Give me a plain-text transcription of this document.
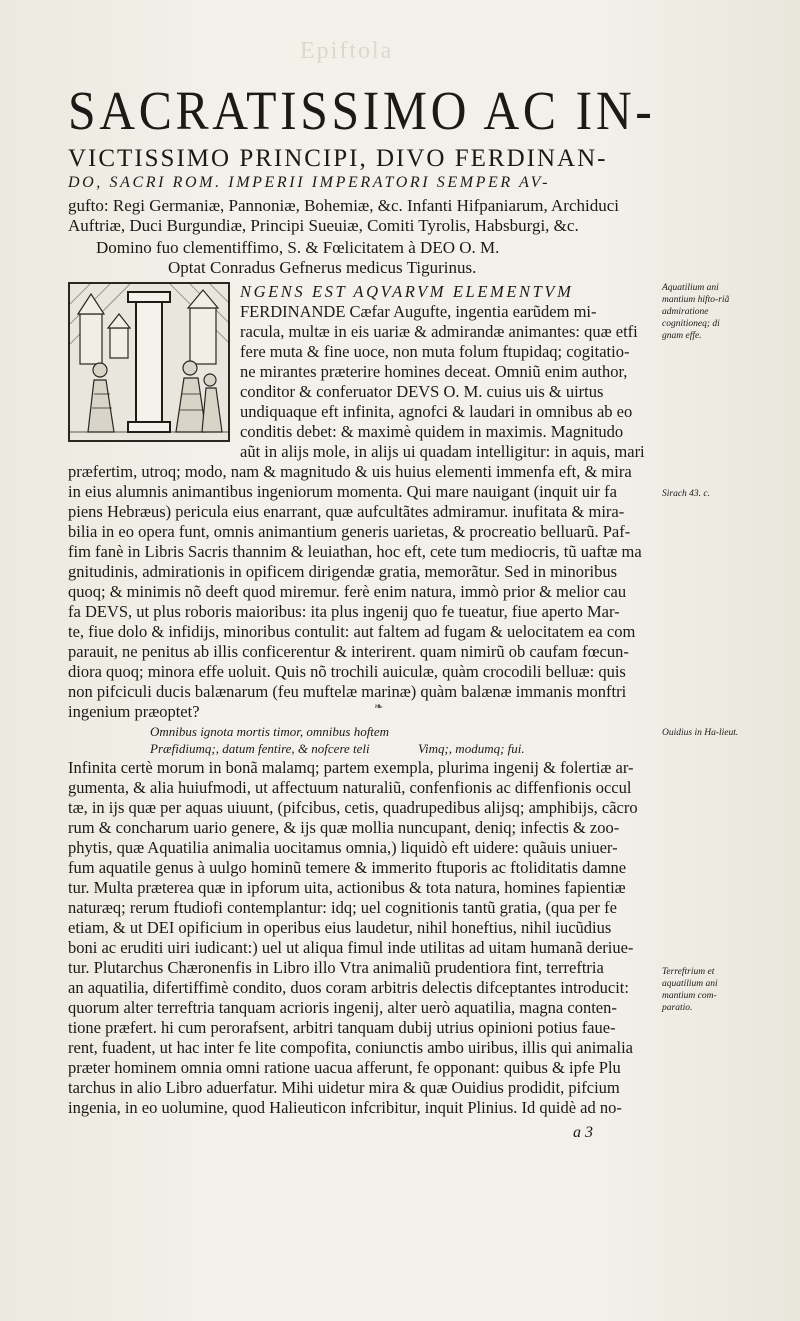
Epiftola
SACRATISSIMO AC IN-
VICTISSIMO PRINCIPI, DIVO FERDINAN-
DO, SACRI ROM. IMPERII IMPERATORI SEMPER AV-
gufto: Regi Germaniæ, Pannoniæ, Bohemiæ, &c. Infanti Hifpaniarum, Archiduci
Auftriæ, Duci Burgundiæ, Principi Sueuiæ, Comiti Tyrolis, Habsburgi, &c.
Domino fuo clementiffimo, S. & Fœlicitatem à DEO O. M.
Optat Conradus Gefnerus medicus Tigurinus.
NGENS EST AQVARVM ELEMENTVM
FERDINANDE Cæfar Augufte, ingentia earũdem mi-
racula, multæ in eis uariæ & admirandæ animantes: quæ etfi
fere muta & fine uoce, non muta folum ftupidaq; cogitatio-
ne mirantes præterire homines deceat. Omniũ enim author,
conditor & conferuator DEVS O. M. cuius uis & uirtus
undiquaque eft infinita, agnofci & laudari in omnibus ab eo
conditis debet: & maximè quidem in maximis. Magnitudo
aũt in alijs mole, in alijs ui quadam intelligitur: in aquis, mari
præfertim, utroq; modo, nam & magnitudo & uis huius elementi immenfa eft, & mira
in eius alumnis animantibus ingeniorum momenta. Qui mare nauigant (inquit uir fa
piens Hebræus) pericula eius enarrant, quæ aufcultãtes admiramur. inufitata & mira-
bilia in eo opera funt, omnis animantium generis uarietas, & procreatio belluarũ. Paf-
fim fanè in Libris Sacris thannim & leuiathan, hoc eft, cete tum mediocris, tũ uaftæ ma
gnitudinis, admirationis in opificem dirigendæ gratia, memorãtur. Sed in minoribus
quoq; & minimis nõ deeft quod miremur. ferè enim natura, immò prior & melior cau
fa DEVS, ut plus roboris maioribus: ita plus ingenij quo fe tueatur, fiue aperto Mar-
te, fiue dolo & infidijs, minoribus contulit: aut faltem ad fugam & uelocitatem ea com
parauit, ne penitus ab illis conficerentur & interirent. quam nimirũ ob caufam fœcun-
diora quoq; minora effe uoluit. Quis nõ trochili auiculæ, quàm crocodili belluæ: quis
non pifciculi ducis balænarum (feu muftelæ marinæ) quàm balænæ immanis monftri
ingenium præoptet?	❧
Omnibus ignota mortis timor, omnibus hoftem
Præfidiumq;, datum fentire, & nofcere teli	Vimq;, modumq; fui.
Infinita certè morum in bonã malamq; partem exempla, plurima ingenij & folertiæ ar-
gumenta, & alia huiufmodi, ut affectuum naturaliũ, confenfionis ac diffenfionis occul
tæ, in ijs quæ per aquas uiuunt, (pifcibus, cetis, quadrupedibus alijsq; amphibijs, cãcro
rum & concharum uario genere, & ijs quæ mollia nuncupant, deniq; infectis & zoo-
phytis, quæ Aquatilia animalia uocitamus omnia,) liquidò eft uidere: quãuis uniuer-
fum aquatile genus à uulgo hominũ temere & immerito ftuporis ac ftoliditatis damne
tur. Multa præterea quæ in ipforum uita, actionibus & tota natura, homines fapientiæ
naturæq; rerum ftudiofi contemplantur: idq; uel cognitionis tantũ gratia, (qua per fe
etiam, & ut DEI opificium in operibus eius laudetur, nihil honeftius, nihil iucũdius
boni ac eruditi uiri iudicant:) uel ut aliqua fimul inde utilitas ad uitam humanã deriue-
tur. Plutarchus Chæronenfis in Libro illo Vtra animaliũ prudentiora fint, terreftria
an aquatilia, difertiffimè condito, duos coram arbitris delectis difceptantes introducit:
quorum alter terreftria tanquam acrioris ingenij, alter uerò aquatilia, magna conten-
tione præfert. hi cum perorafsent, arbitri tanquam dubij utrius opinioni potius faue-
rent, fuadent, ut hac inter fe lite compofita, coniunctis ambo uiribus, illis qui animalia
præter hominem omnia omni ratione uacua afferunt, fe opponant: quibus & ipfe Plu
tarchus in alio Libro aduerfatur. Mihi uidetur mira & quæ Ouidius prodidit, pifcium
ingenia, in eo uolumine, quod Halieuticon infcribitur, inquit Plinius. Id quidè ad no-
Aquatilium ani mantium hifto-riã admiratione cognitioneq; di gnam effe.
Sirach 43. c.
Ouidius in Ha-lieut.
Terreftrium et aquatilium ani mantium com-paratio.
a 3
